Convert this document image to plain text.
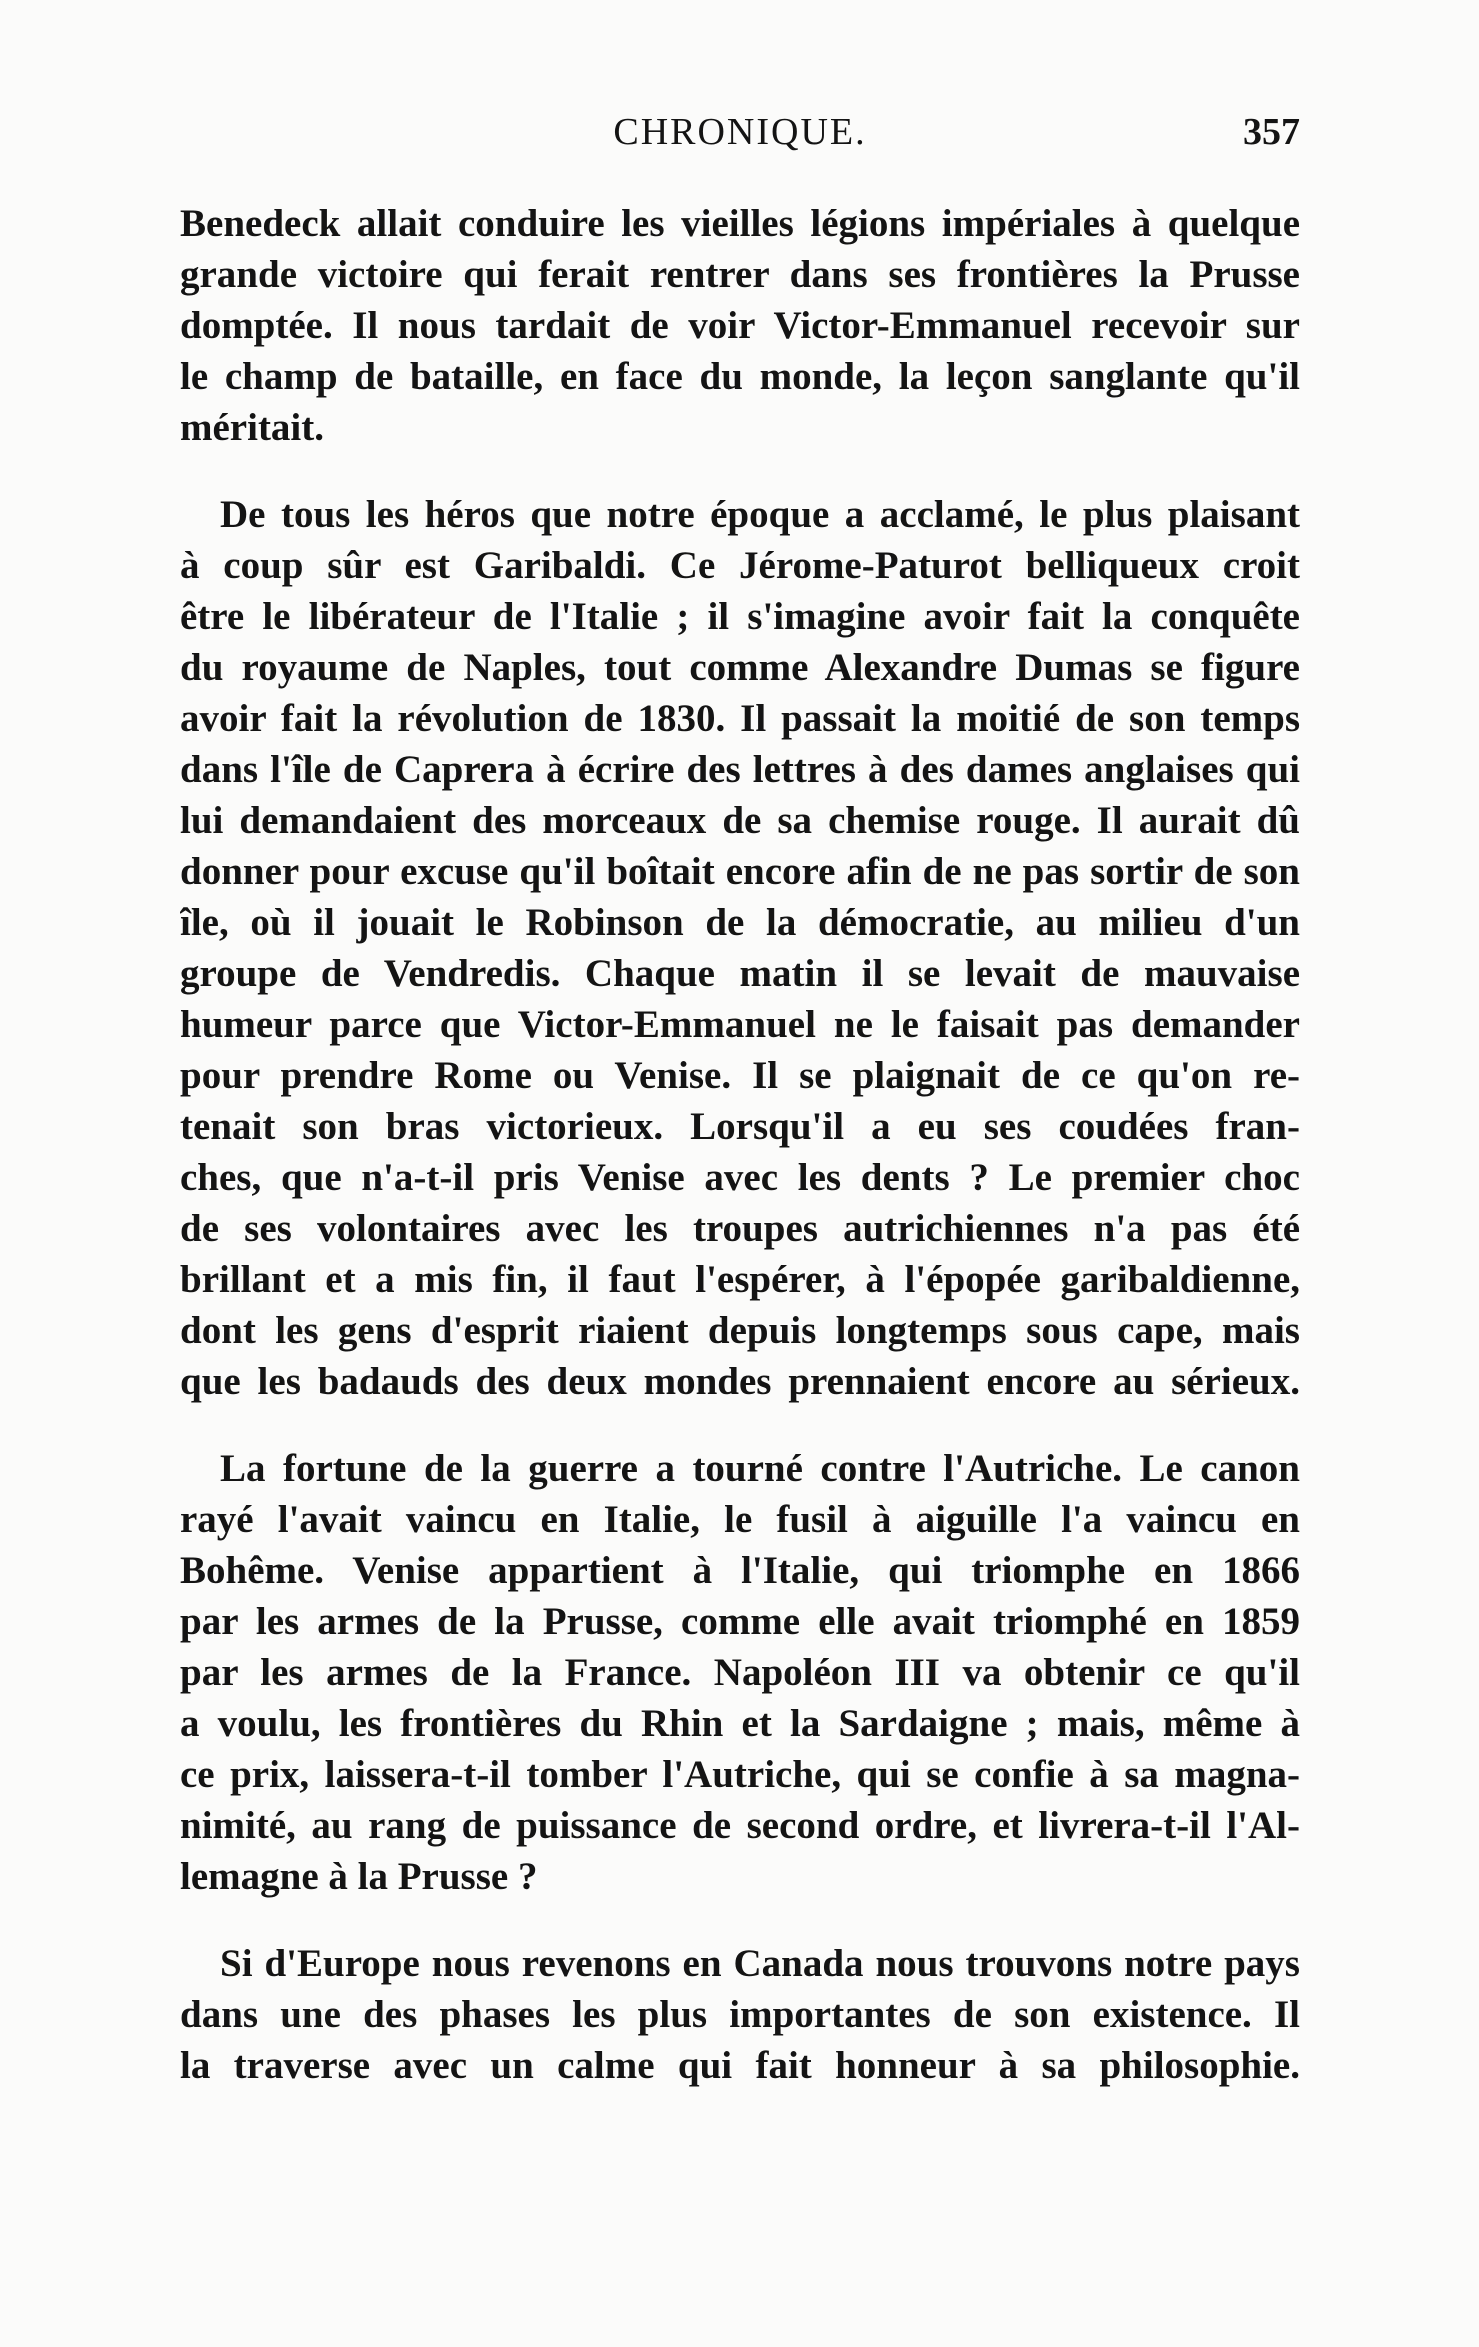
CHRONIQUE.	357
Benedeck allait conduire les vieilles légions impériales à quelque
grande victoire qui ferait rentrer dans ses frontières la Prusse
domptée. Il nous tardait de voir Victor-Emmanuel recevoir sur
le champ de bataille, en face du monde, la leçon sanglante qu'il
méritait.
De tous les héros que notre époque a acclamé, le plus plaisant
à coup sûr est Garibaldi. Ce Jérome-Paturot belliqueux croit
être le libérateur de l'Italie ; il s'imagine avoir fait la conquête
du royaume de Naples, tout comme Alexandre Dumas se figure
avoir fait la révolution de 1830. Il passait la moitié de son temps
dans l'île de Caprera à écrire des lettres à des dames anglaises qui
lui demandaient des morceaux de sa chemise rouge. Il aurait dû
donner pour excuse qu'il boîtait encore afin de ne pas sortir de son
île, où il jouait le Robinson de la démocratie, au milieu d'un
groupe de Vendredis. Chaque matin il se levait de mauvaise
humeur parce que Victor-Emmanuel ne le faisait pas demander
pour prendre Rome ou Venise. Il se plaignait de ce qu'on re-
tenait son bras victorieux. Lorsqu'il a eu ses coudées fran-
ches, que n'a-t-il pris Venise avec les dents ? Le premier choc
de ses volontaires avec les troupes autrichiennes n'a pas été
brillant et a mis fin, il faut l'espérer, à l'épopée garibaldienne,
dont les gens d'esprit riaient depuis longtemps sous cape, mais
que les badauds des deux mondes prennaient encore au sérieux.
La fortune de la guerre a tourné contre l'Autriche. Le canon
rayé l'avait vaincu en Italie, le fusil à aiguille l'a vaincu en
Bohême. Venise appartient à l'Italie, qui triomphe en 1866
par les armes de la Prusse, comme elle avait triomphé en 1859
par les armes de la France. Napoléon III va obtenir ce qu'il
a voulu, les frontières du Rhin et la Sardaigne ; mais, même à
ce prix, laissera-t-il tomber l'Autriche, qui se confie à sa magna-
nimité, au rang de puissance de second ordre, et livrera-t-il l'Al-
lemagne à la Prusse ?
Si d'Europe nous revenons en Canada nous trouvons notre pays
dans une des phases les plus importantes de son existence. Il
la traverse avec un calme qui fait honneur à sa philosophie.
